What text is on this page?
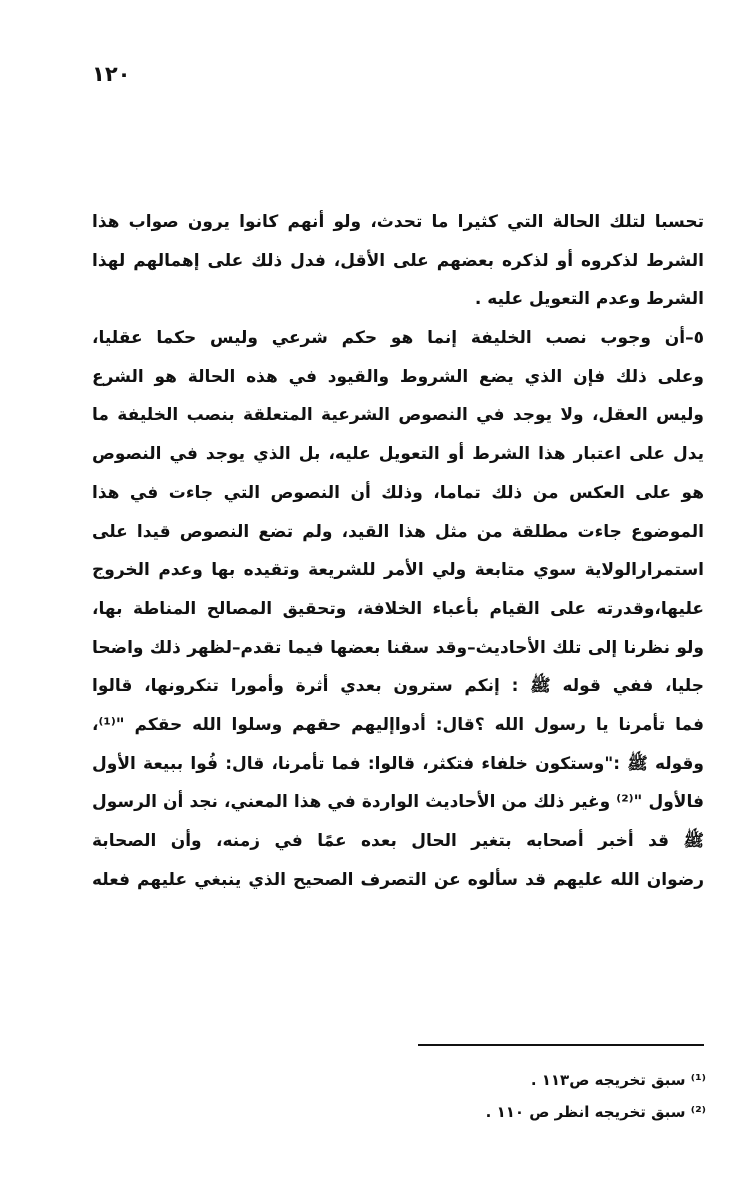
١٢٠
تحسبا لتلك الحالة التي كثيرا ما تحدث، ولو أنهم كانوا يرون صواب هذا
الشرط لذكروه أو لذكره بعضهم على الأقل، فدل ذلك على إهمالهم لهذا
الشرط وعدم التعويل عليه .
٥–أن وجوب نصب الخليفة إنما هو حكم شرعي وليس حكما عقليا،
وعلى ذلك فإن الذي يضع الشروط والقيود في هذه الحالة هو الشرع
وليس العقل، ولا يوجد في النصوص الشرعية المتعلقة بنصب الخليفة ما
يدل على اعتبار هذا الشرط أو التعويل عليه، بل الذي يوجد في النصوص
هو على العكس من ذلك تماما، وذلك أن النصوص التي جاءت في هذا
الموضوع جاءت مطلقة من مثل هذا القيد، ولم تضع النصوص قيدا على
استمرارالولاية سوي متابعة ولي الأمر للشريعة وتقيده بها وعدم الخروج
عليها،وقدرته على القيام بأعباء الخلافة، وتحقيق المصالح المناطة بها،
ولو نظرنا إلى تلك الأحاديث–وقد سقنا بعضها فيما تقدم–لظهر ذلك واضحا
جليا، ففي قوله ﷺ : إنكم سترون بعدي أثرة وأمورا تنكرونها، قالوا
فما تأمرنا يا رسول الله ؟قال: أدواإليهم حقهم وسلوا الله حقكم "⁽¹⁾،
وقوله ﷺ :"وستكون خلفاء فتكثر، قالوا: فما تأمرنا، قال: فُوا ببيعة الأول
فالأول "⁽²⁾ وغير ذلك من الأحاديث الواردة في هذا المعني، نجد أن الرسول
ﷺ قد أخبر أصحابه بتغير الحال بعده عمًا في زمنه، وأن الصحابة
رضوان الله عليهم قد سألوه عن التصرف الصحيح الذي ينبغي عليهم فعله
⁽¹⁾ سبق تخريجه ص١١٣ .
⁽²⁾ سبق تخريجه انظر ص ١١٠ .
